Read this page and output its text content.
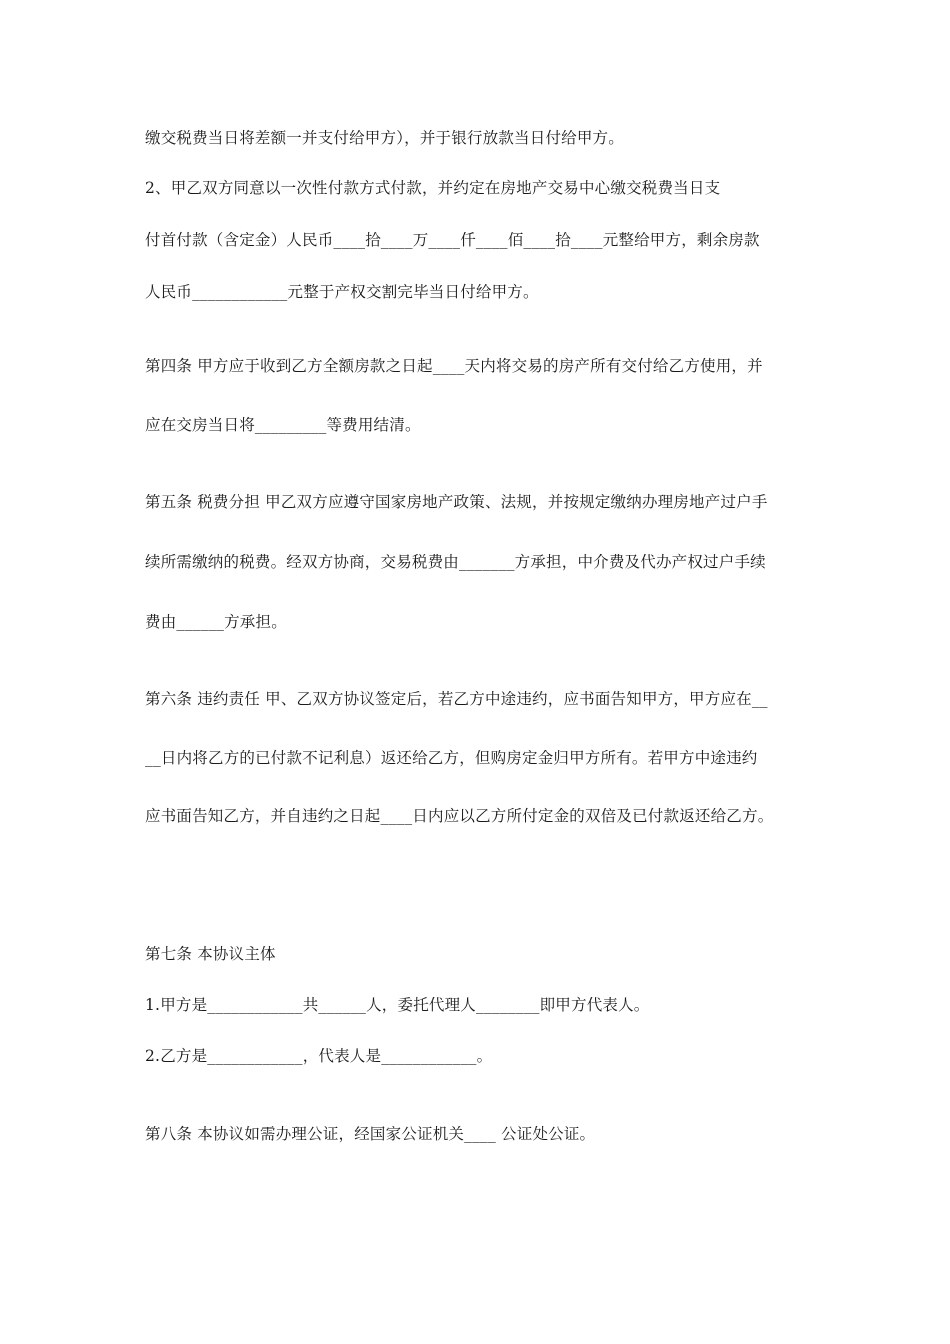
缴交税费当日将差额一并支付给甲方），并于银行放款当日付给甲方。
2、甲乙双方同意以一次性付款方式付款，并约定在房地产交易中心缴交税费当日支
付首付款（含定金）人民币____拾____万____仟____佰____拾____元整给甲方，剩余房款
人民币____________元整于产权交割完毕当日付给甲方。
第四条 甲方应于收到乙方全额房款之日起____天内将交易的房产所有交付给乙方使用，并
应在交房当日将_________等费用结清。
第五条 税费分担 甲乙双方应遵守国家房地产政策、法规，并按规定缴纳办理房地产过户手
续所需缴纳的税费。经双方协商，交易税费由_______方承担，中介费及代办产权过户手续
费由______方承担。
第六条 违约责任 甲、乙双方协议签定后，若乙方中途违约，应书面告知甲方，甲方应在__
__日内将乙方的已付款不记利息）返还给乙方，但购房定金归甲方所有。若甲方中途违约
应书面告知乙方，并自违约之日起____日内应以乙方所付定金的双倍及已付款返还给乙方。
第七条 本协议主体
1.甲方是____________共______人，委托代理人________即甲方代表人。
2.乙方是____________，代表人是____________。
第八条 本协议如需办理公证，经国家公证机关____ 公证处公证。
